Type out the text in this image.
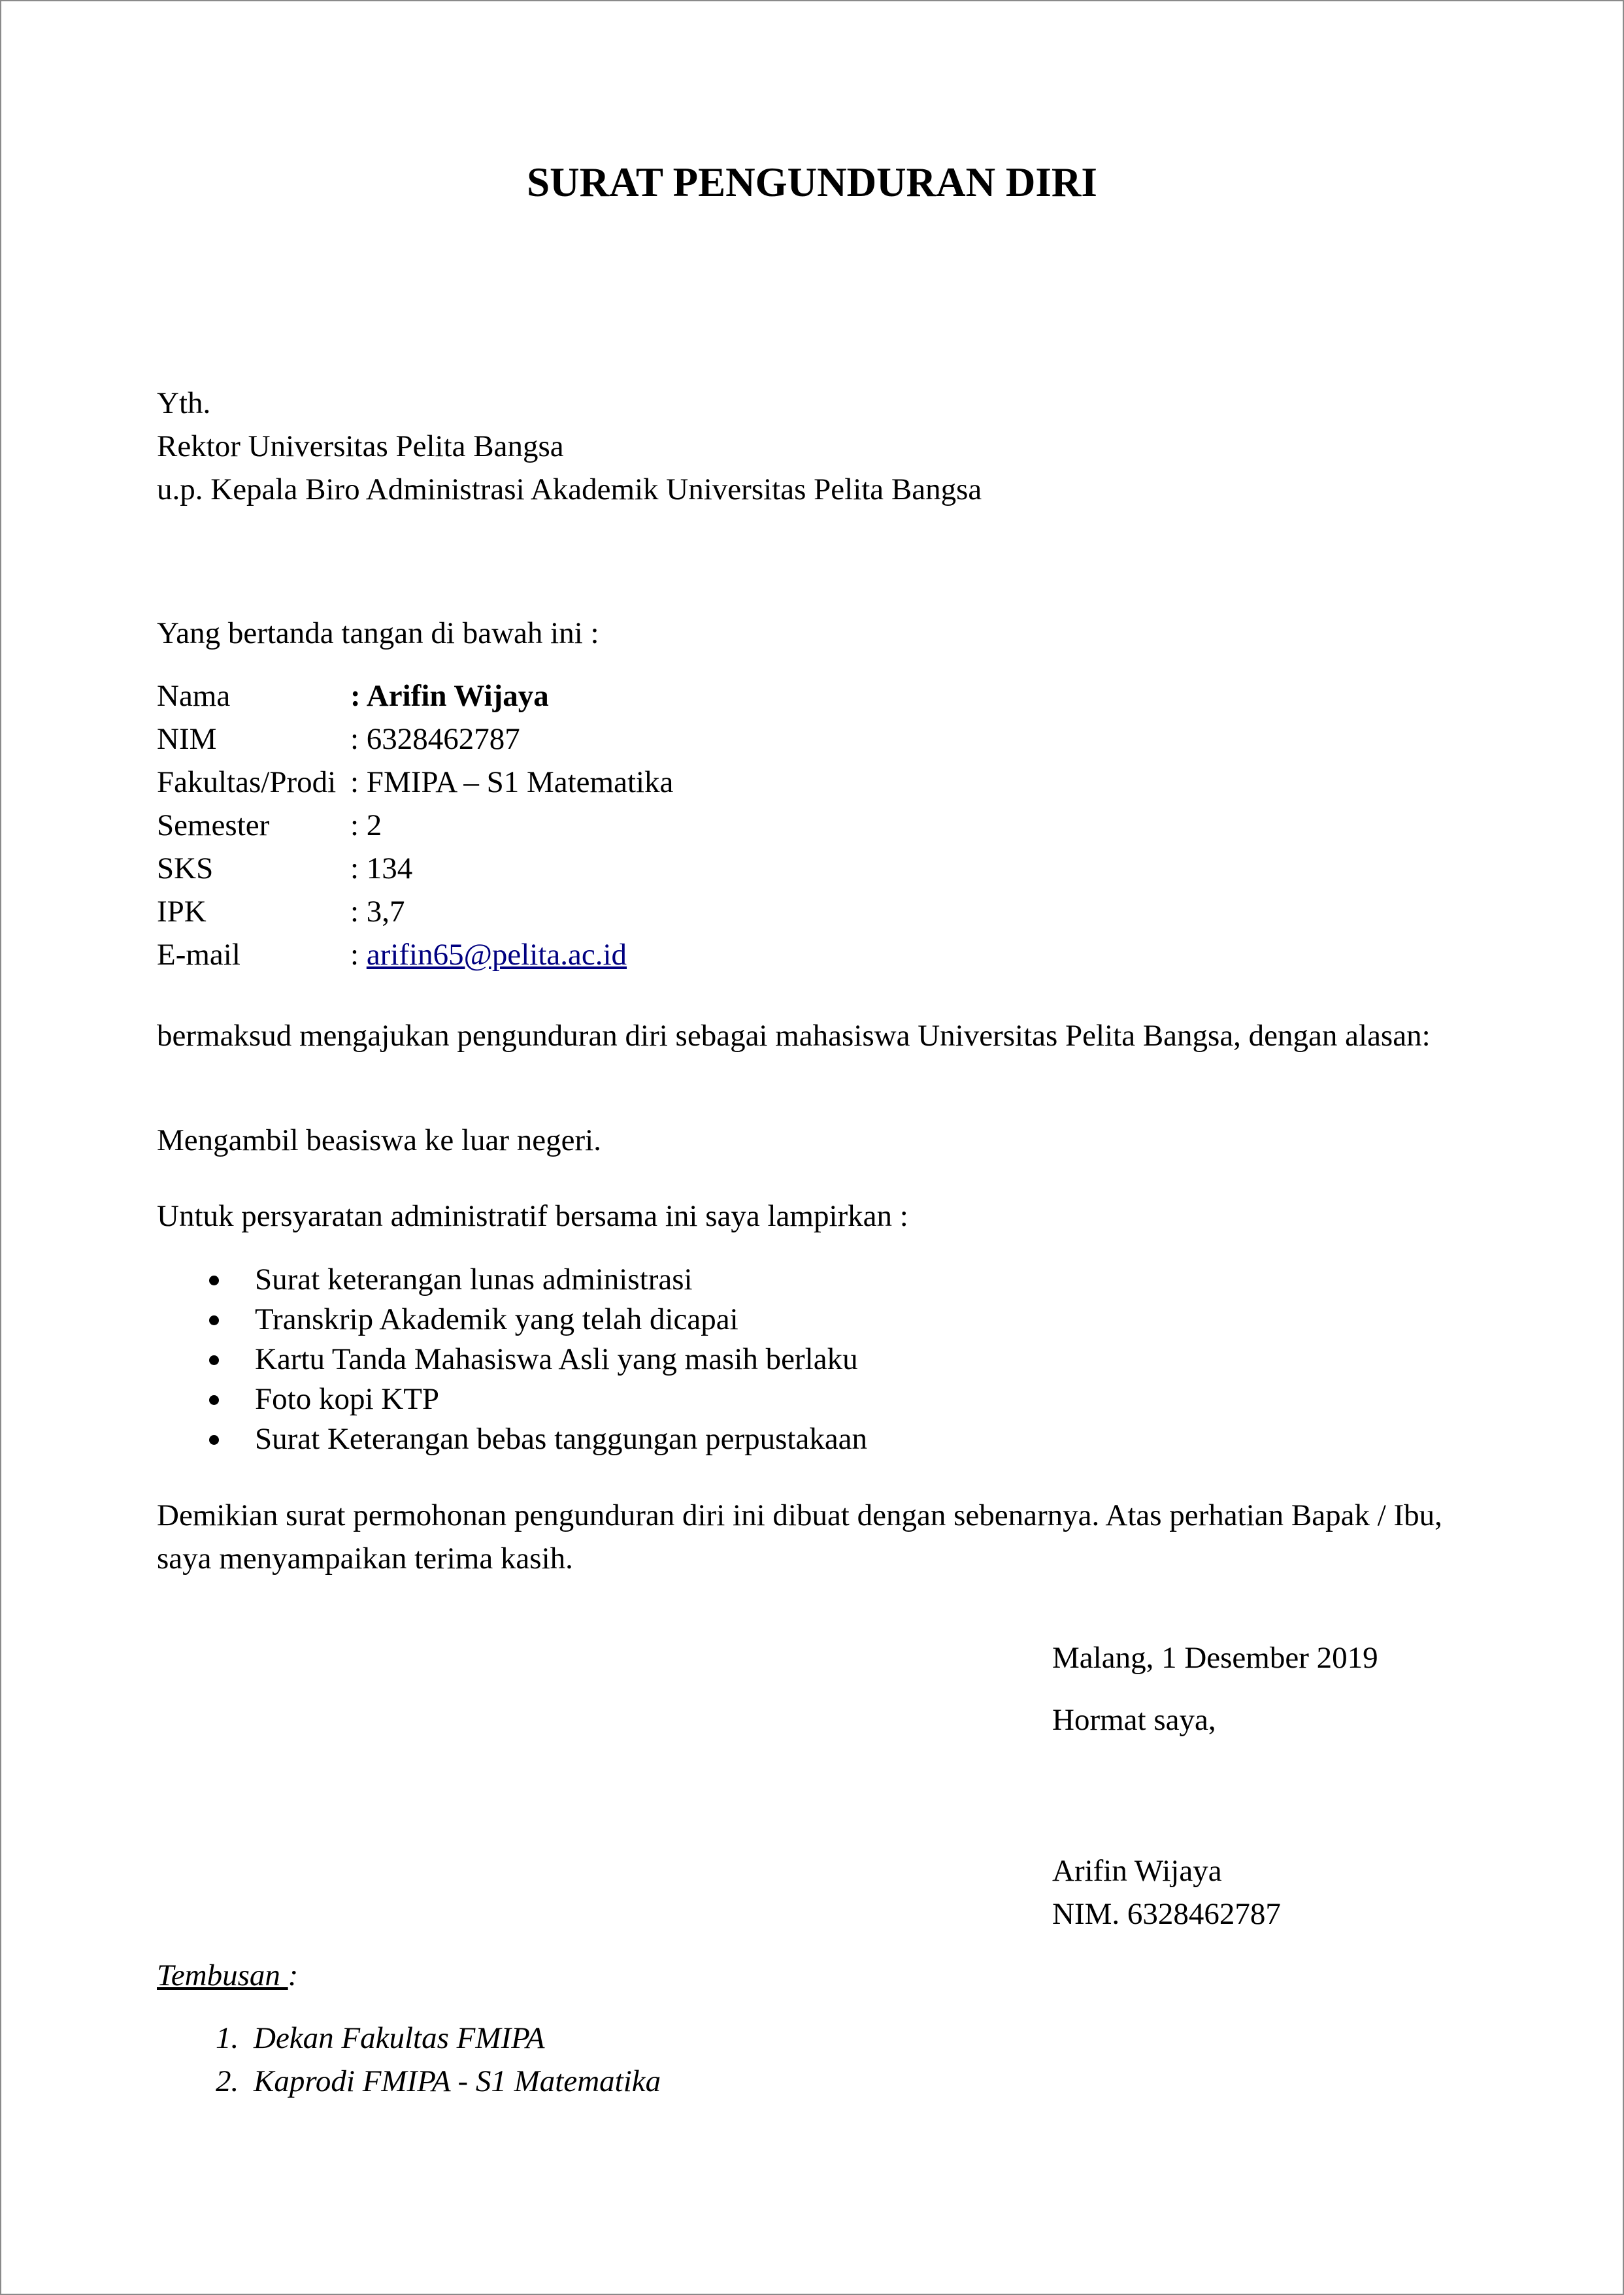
SURAT PENGUNDURAN DIRI
Yth.
Rektor Universitas Pelita Bangsa
u.p. Kepala Biro Administrasi Akademik Universitas Pelita Bangsa
Yang bertanda tangan di bawah ini :
Nama	: Arifin Wijaya
NIM	: 6328462787
Fakultas/Prodi : FMIPA – S1 Matematika
Semester	: 2
SKS	: 134
IPK	: 3,7
E-mail	: arifin65@pelita.ac.id
bermaksud mengajukan pengunduran diri sebagai mahasiswa Universitas Pelita Bangsa, dengan alasan:
Mengambil beasiswa ke luar negeri.
Untuk persyaratan administratif bersama ini saya lampirkan :
Surat keterangan lunas administrasi
Transkrip Akademik yang telah dicapai
Kartu Tanda Mahasiswa Asli yang masih berlaku
Foto kopi KTP
Surat Keterangan bebas tanggungan perpustakaan
Demikian surat permohonan pengunduran diri ini dibuat dengan sebenarnya. Atas perhatian Bapak / Ibu, saya menyampaikan terima kasih.
Malang, 1 Desember 2019
Hormat saya,
Arifin Wijaya
NIM. 6328462787
Tembusan :
1. Dekan Fakultas FMIPA
2. Kaprodi FMIPA - S1 Matematika
